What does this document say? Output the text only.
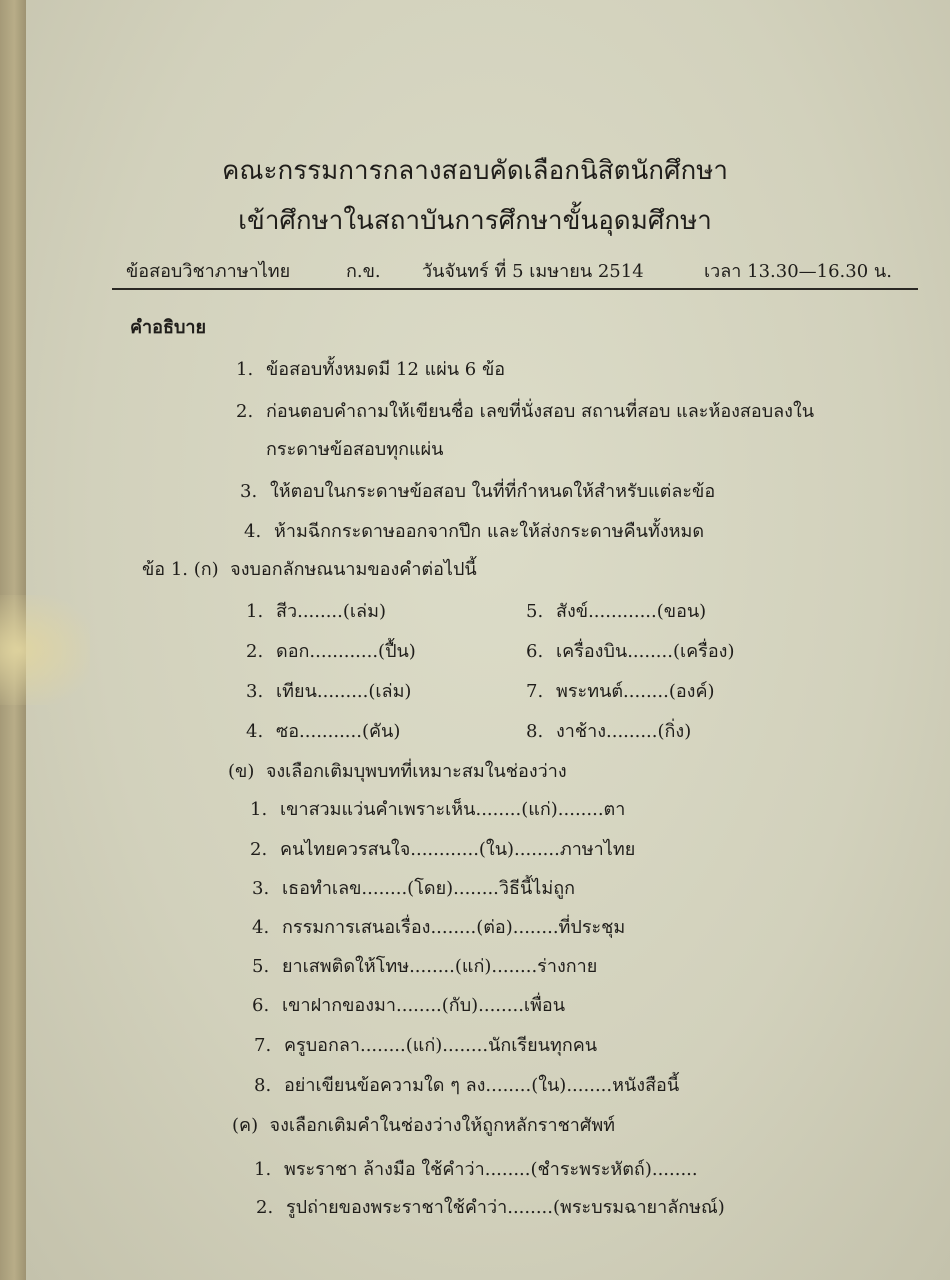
คณะกรรมการกลางสอบคัดเลือกนิสิตนักศึกษา
เข้าศึกษาในสถาบันการศึกษาขั้นอุดมศึกษา
ข้อสอบวิชาภาษาไทย	ก.ข. วันจันทร์ ที่ 5 เมษายน 2514	เวลา 13.30—16.30 น.
คำอธิบาย
1. ข้อสอบทั้งหมดมี 12 แผ่น 6 ข้อ
2. ก่อนตอบคำถามให้เขียนชื่อ เลขที่นั่งสอบ สถานที่สอบ และห้องสอบลงใน
กระดาษข้อสอบทุกแผ่น
3. ให้ตอบในกระดาษข้อสอบ ในที่ที่กำหนดให้สำหรับแต่ละข้อ
4. ห้ามฉีกกระดาษออกจากปึก และให้ส่งกระดาษคืนทั้งหมด
ข้อ 1. (ก) จงบอกลักษณนามของคำต่อไปนี้
1. สีว........(เล่ม)
2. ดอก............(ปื้น)
3. เทียน.........(เล่ม)
4. ซอ...........(คัน)
5. สังข์............(ขอน)
6. เครื่องบิน........(เครื่อง)
7. พระทนต์........(องค์)
8. งาช้าง.........(กิ่ง)
(ข) จงเลือกเติมบุพบทที่เหมาะสมในช่องว่าง
1. เขาสวมแว่นคำเพราะเห็น........(แก่)........ตา
2. คนไทยควรสนใจ............(ใน)........ภาษาไทย
3. เธอทำเลข........(โดย)........วิธีนี้ไม่ถูก
4. กรรมการเสนอเรื่อง........(ต่อ)........ที่ประชุม
5. ยาเสพติดให้โทษ........(แก่)........ร่างกาย
6. เขาฝากของมา........(กับ)........เพื่อน
7. ครูบอกลา........(แก่)........นักเรียนทุกคน
8. อย่าเขียนข้อความใด ๆ ลง........(ใน)........หนังสือนี้
(ค) จงเลือกเติมคำในช่องว่างให้ถูกหลักราชาศัพท์
1. พระราชา ล้างมือ ใช้คำว่า........(ชำระพระหัตถ์)........
2. รูปถ่ายของพระราชาใช้คำว่า........(พระบรมฉายาลักษณ์)
